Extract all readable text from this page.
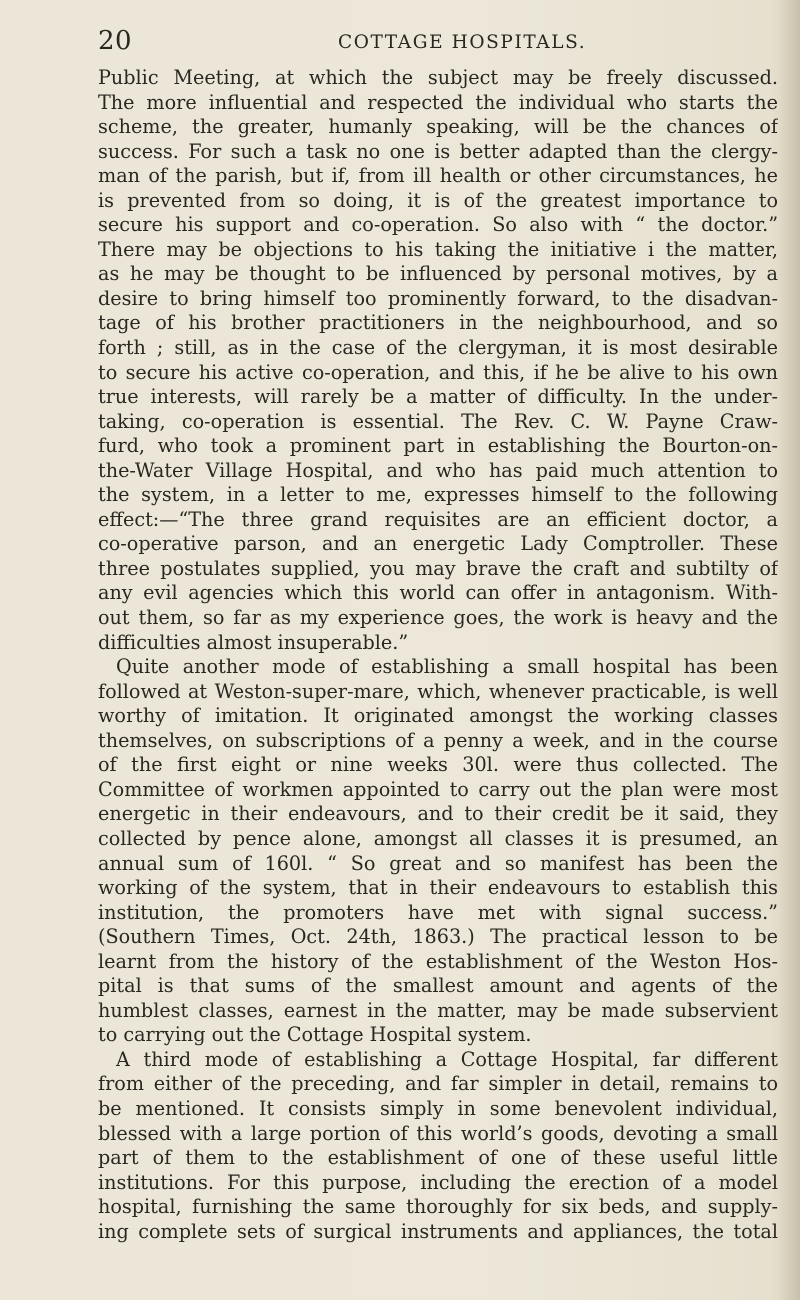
20	COTTAGE HOSPITALS.
Public Meeting, at which the subject may be freely discussed.
The more influential and respected the individual who starts the
scheme, the greater, humanly speaking, will be the chances of
success. For such a task no one is better adapted than the clergy-
man of the parish, but if, from ill health or other circumstances, he
is prevented from so doing, it is of the greatest importance to
secure his support and co-operation. So also with “ the doctor.”
There may be objections to his taking the initiative i the matter,
as he may be thought to be influenced by personal motives, by a
desire to bring himself too prominently forward, to the disadvan-
tage of his brother practitioners in the neighbourhood, and so
forth ; still, as in the case of the clergyman, it is most desirable
to secure his active co-operation, and this, if he be alive to his own
true interests, will rarely be a matter of difficulty. In the under-
taking, co-operation is essential. The Rev. C. W. Payne Craw-
furd, who took a prominent part in establishing the Bourton-on-
the-Water Village Hospital, and who has paid much attention to
the system, in a letter to me, expresses himself to the following
effect:—“The three grand requisites are an efficient doctor, a
co-operative parson, and an energetic Lady Comptroller. These
three postulates supplied, you may brave the craft and subtilty of
any evil agencies which this world can offer in antagonism. With-
out them, so far as my experience goes, the work is heavy and the
difficulties almost insuperable.”
Quite another mode of establishing a small hospital has been
followed at Weston-super-mare, which, whenever practicable, is well
worthy of imitation. It originated amongst the working classes
themselves, on subscriptions of a penny a week, and in the course
of the first eight or nine weeks 30l. were thus collected. The
Committee of workmen appointed to carry out the plan were most
energetic in their endeavours, and to their credit be it said, they
collected by pence alone, amongst all classes it is presumed, an
annual sum of 160l. “ So great and so manifest has been the
working of the system, that in their endeavours to establish this
institution, the promoters have met with signal success.”
(Southern Times, Oct. 24th, 1863.) The practical lesson to be
learnt from the history of the establishment of the Weston Hos-
pital is that sums of the smallest amount and agents of the
humblest classes, earnest in the matter, may be made subservient
to carrying out the Cottage Hospital system.
A third mode of establishing a Cottage Hospital, far different
from either of the preceding, and far simpler in detail, remains to
be mentioned. It consists simply in some benevolent individual,
blessed with a large portion of this world’s goods, devoting a small
part of them to the establishment of one of these useful little
institutions. For this purpose, including the erection of a model
hospital, furnishing the same thoroughly for six beds, and supply-
ing complete sets of surgical instruments and appliances, the total
